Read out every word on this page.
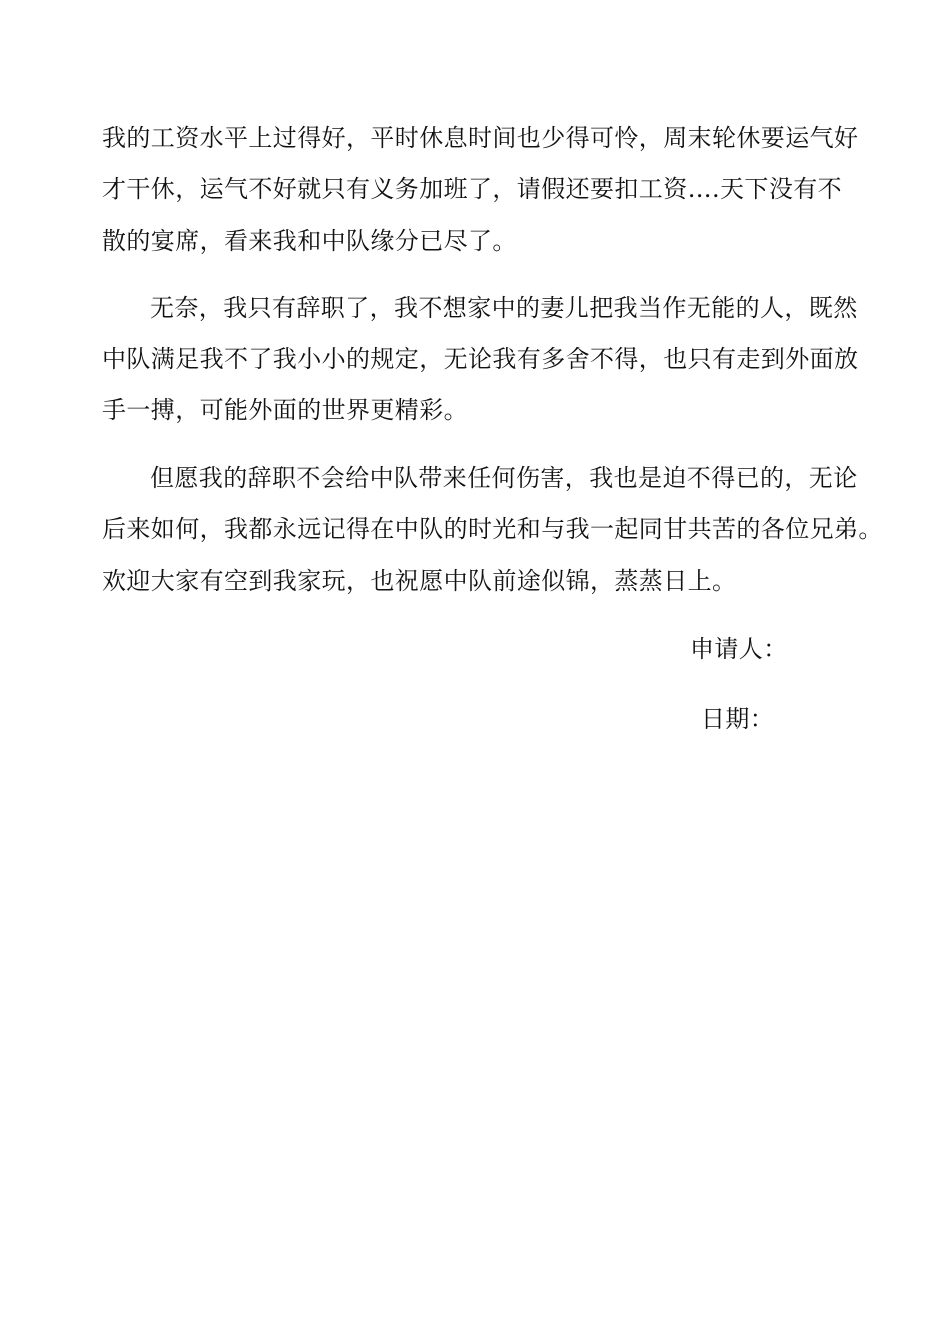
我的工资水平上过得好，平时休息时间也少得可怜，周末轮休要运气好
才干休，运气不好就只有义务加班了，请假还要扣工资….天下没有不
散的宴席，看来我和中队缘分已尽了。
无奈，我只有辞职了，我不想家中的妻儿把我当作无能的人，既然
中队满足我不了我小小的规定，无论我有多舍不得，也只有走到外面放
手一搏，可能外面的世界更精彩。
但愿我的辞职不会给中队带来任何伤害，我也是迫不得已的，无论
后来如何，我都永远记得在中队的时光和与我一起同甘共苦的各位兄弟。
欢迎大家有空到我家玩，也祝愿中队前途似锦，蒸蒸日上。
申请人：
日期：
